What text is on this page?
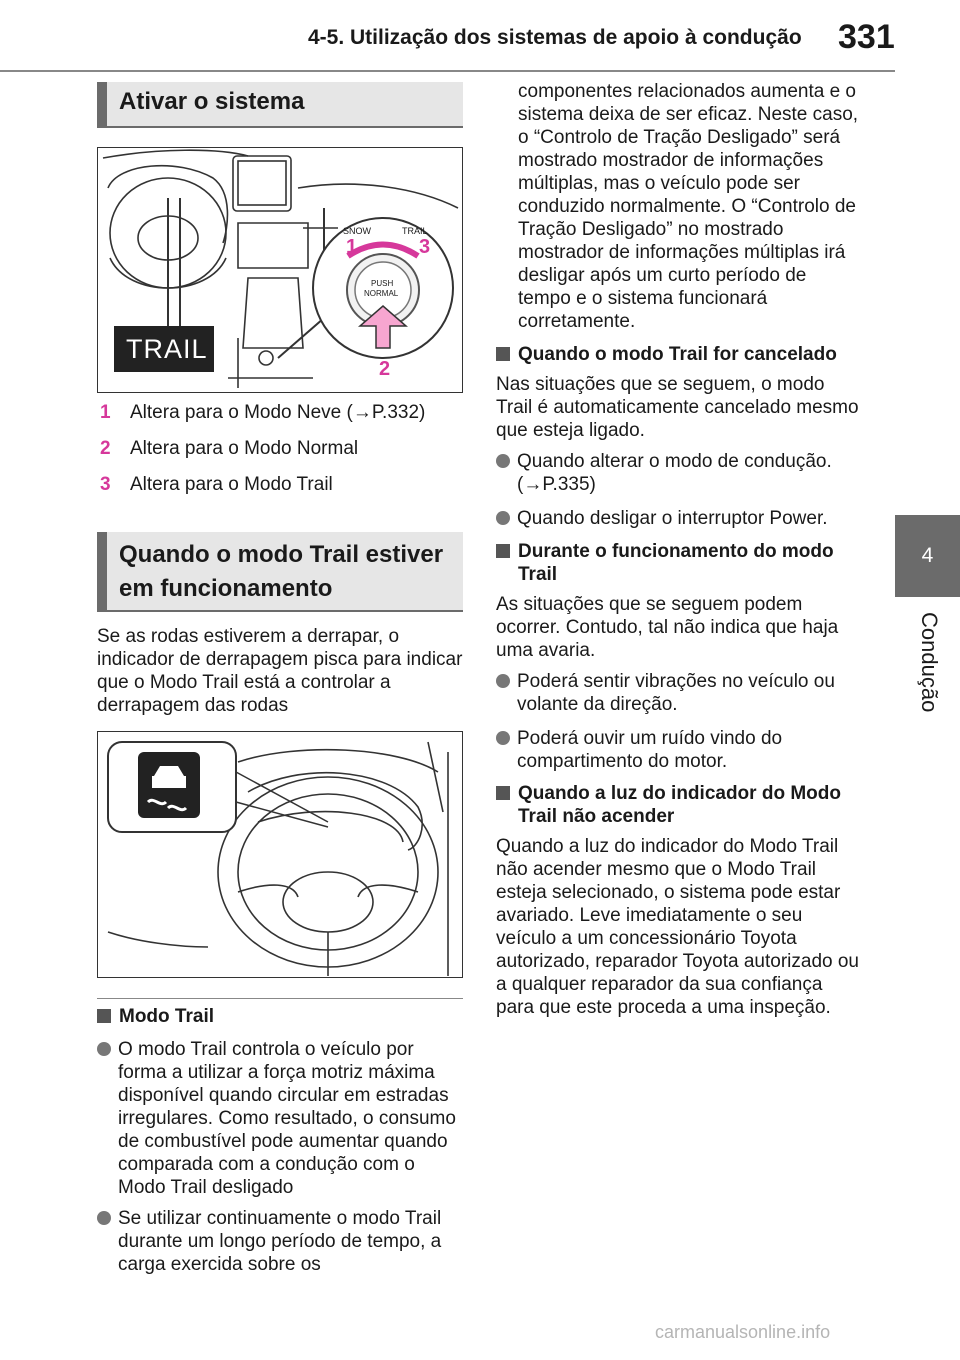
4-5. Utilização dos sistemas de apoio à condução 331
4
Condução
Ativar o sistema
SNOW	TRAIL
PUSH
NORMAL
1	3
2
TRAIL
1	Altera para o Modo Neve (→P.332)
2	Altera para o Modo Normal
3	Altera para o Modo Trail
Quando o modo Trail estiver
em funcionamento
Se as rodas estiverem a derrapar, o indicador de derrapagem pisca para indicar que o Modo Trail está a controlar a derrapagem das rodas
Modo Trail
O modo Trail controla o veículo por forma a utilizar a força motriz máxima disponível quando circular em estradas irregulares. Como resultado, o consumo de combustível pode aumentar quando comparada com a condução com o Modo Trail desligado
Se utilizar continuamente o modo Trail durante um longo período de tempo, a carga exercida sobre os
componentes relacionados aumenta e o sistema deixa de ser eficaz. Neste caso, o “Controlo de Tração Desligado” será mostrado mostrador de informações múltiplas, mas o veículo pode ser conduzido normalmente. O “Controlo de Tração Desligado” no mostrado mostrador de informações múltiplas irá desligar após um curto período de tempo e o sistema funcionará corretamente.
Quando o modo Trail for cancelado
Nas situações que se seguem, o modo Trail é automaticamente cancelado mesmo que esteja ligado.
Quando alterar o modo de condução. (→P.335)
Quando desligar o interruptor Power.
Durante o funcionamento do modo Trail
As situações que se seguem podem ocorrer. Contudo, tal não indica que haja uma avaria.
Poderá sentir vibrações no veículo ou volante da direção.
Poderá ouvir um ruído vindo do compartimento do motor.
Quando a luz do indicador do Modo Trail não acender
Quando a luz do indicador do Modo Trail não acender mesmo que o Modo Trail esteja selecionado, o sistema pode estar avariado. Leve imediatamente o seu veículo a um concessionário Toyota autorizado, reparador Toyota autorizado ou a qualquer reparador da sua confiança para que este proceda a uma inspeção.
carmanualsonline.info
